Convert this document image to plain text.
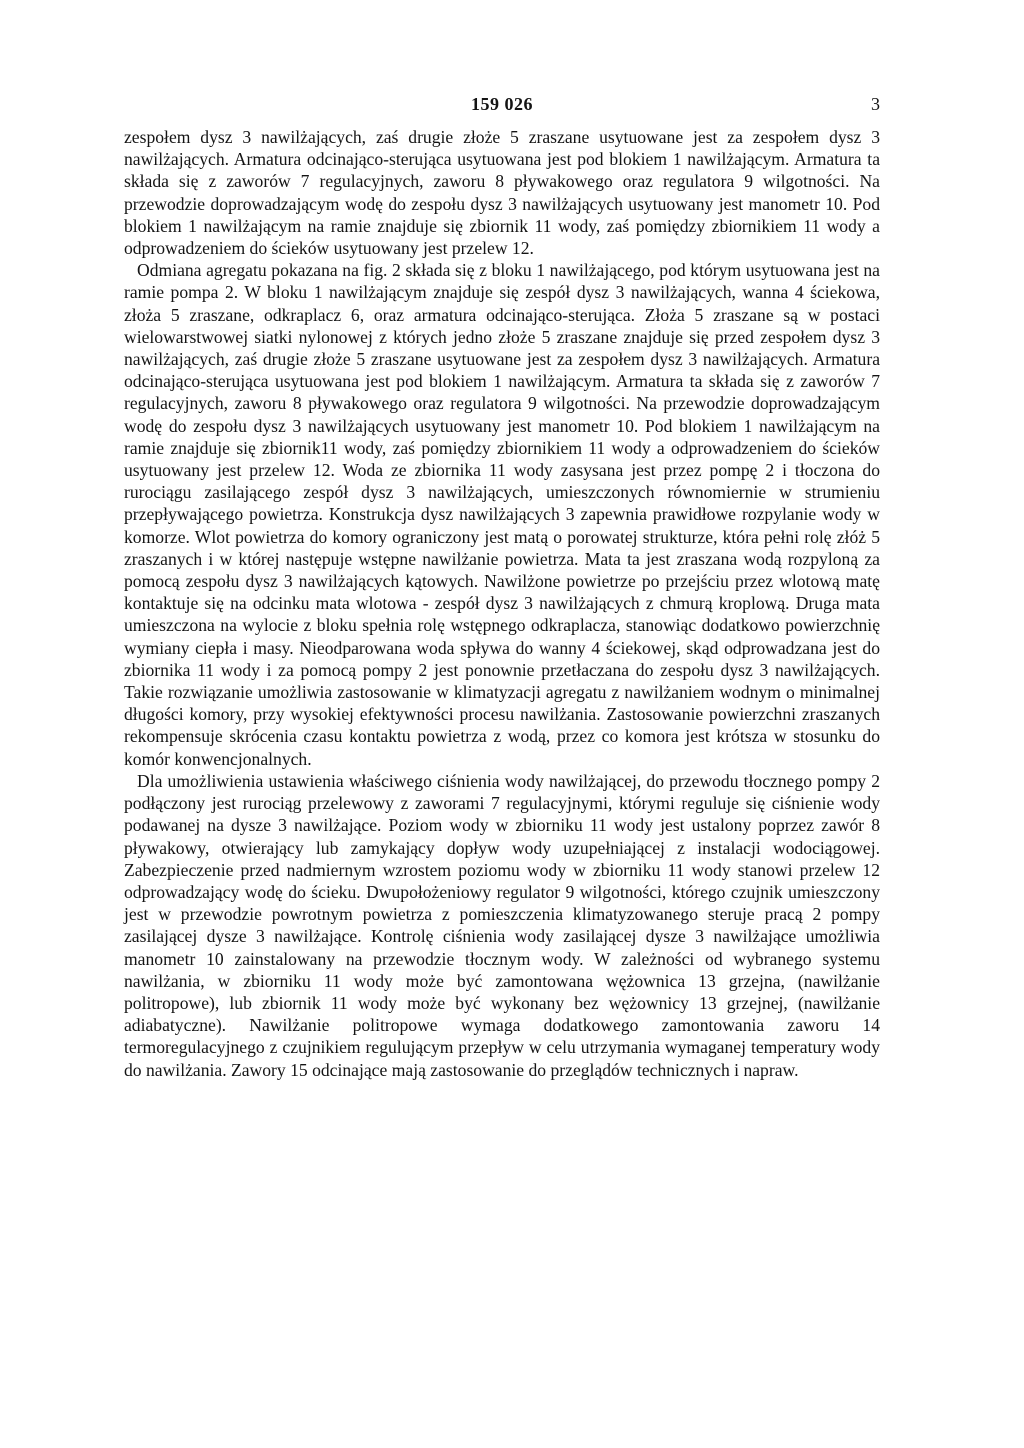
159 026	3

zespołem dysz 3 nawilżających, zaś drugie złoże 5 zraszane usytuowane jest za zespołem dysz 3 nawilżających. Armatura odcinająco-sterująca usytuowana jest pod blokiem 1 nawilżającym. Armatura ta składa się z zaworów 7 regulacyjnych, zaworu 8 pływakowego oraz regulatora 9 wilgotności. Na przewodzie doprowadzającym wodę do zespołu dysz 3 nawilżających usytuowany jest manometr 10. Pod blokiem 1 nawilżającym na ramie znajduje się zbiornik 11 wody, zaś pomiędzy zbiornikiem 11 wody a odprowadzeniem do ścieków usytuowany jest przelew 12.

Odmiana agregatu pokazana na fig. 2 składa się z bloku 1 nawilżającego, pod którym usytuowana jest na ramie pompa 2. W bloku 1 nawilżającym znajduje się zespół dysz 3 nawilżających, wanna 4 ściekowa, złoża 5 zraszane, odkraplacz 6, oraz armatura odcinająco-sterująca. Złoża 5 zraszane są w postaci wielowarstwowej siatki nylonowej z których jedno złoże 5 zraszane znajduje się przed zespołem dysz 3 nawilżających, zaś drugie złoże 5 zraszane usytuowane jest za zespołem dysz 3 nawilżających. Armatura odcinająco-sterująca usytuowana jest pod blokiem 1 nawilżającym. Armatura ta składa się z zaworów 7 regulacyjnych, zaworu 8 pływakowego oraz regulatora 9 wilgotności. Na przewodzie doprowadzającym wodę do zespołu dysz 3 nawilżających usytuowany jest manometr 10. Pod blokiem 1 nawilżającym na ramie znajduje się zbiornik11 wody, zaś pomiędzy zbiornikiem 11 wody a odprowadzeniem do ścieków usytuowany jest przelew 12. Woda ze zbiornika 11 wody zasysana jest przez pompę 2 i tłoczona do rurociągu zasilającego zespół dysz 3 nawilżających, umieszczonych równomiernie w strumieniu przepływającego powietrza. Konstrukcja dysz nawilżających 3 zapewnia prawidłowe rozpylanie wody w komorze. Wlot powietrza do komory ograniczony jest matą o porowatej strukturze, która pełni rolę złóż 5 zraszanych i w której następuje wstępne nawilżanie powietrza. Mata ta jest zraszana wodą rozpyloną za pomocą zespołu dysz 3 nawilżających kątowych. Nawilżone powietrze po przejściu przez wlotową matę kontaktuje się na odcinku mata wlotowa - zespół dysz 3 nawilżających z chmurą kroplową. Druga mata umieszczona na wylocie z bloku spełnia rolę wstępnego odkraplacza, stanowiąc dodatkowo powierzchnię wymiany ciepła i masy. Nieodparowana woda spływa do wanny 4 ściekowej, skąd odprowadzana jest do zbiornika 11 wody i za pomocą pompy 2 jest ponownie przetłaczana do zespołu dysz 3 nawilżających. Takie rozwiązanie umożliwia zastosowanie w klimatyzacji agregatu z nawilżaniem wodnym o minimalnej długości komory, przy wysokiej efektywności procesu nawilżania. Zastosowanie powierzchni zraszanych rekompensuje skrócenia czasu kontaktu powietrza z wodą, przez co komora jest krótsza w stosunku do komór konwencjonalnych.

Dla umożliwienia ustawienia właściwego ciśnienia wody nawilżającej, do przewodu tłocznego pompy 2 podłączony jest rurociąg przelewowy z zaworami 7 regulacyjnymi, którymi reguluje się ciśnienie wody podawanej na dysze 3 nawilżające. Poziom wody w zbiorniku 11 wody jest ustalony poprzez zawór 8 pływakowy, otwierający lub zamykający dopływ wody uzupełniającej z instalacji wodociągowej. Zabezpieczenie przed nadmiernym wzrostem poziomu wody w zbiorniku 11 wody stanowi przelew 12 odprowadzający wodę do ścieku. Dwupołożeniowy regulator 9 wilgotności, którego czujnik umieszczony jest w przewodzie powrotnym powietrza z pomieszczenia klimatyzowanego steruje pracą 2 pompy zasilającej dysze 3 nawilżające. Kontrolę ciśnienia wody zasilającej dysze 3 nawilżające umożliwia manometr 10 zainstalowany na przewodzie tłocznym wody. W zależności od wybranego systemu nawilżania, w zbiorniku 11 wody może być zamontowana wężownica 13 grzejna, (nawilżanie politropowe), lub zbiornik 11 wody może być wykonany bez wężownicy 13 grzejnej, (nawilżanie adiabatyczne). Nawilżanie politropowe wymaga dodatkowego zamontowania zaworu 14 termoregulacyjnego z czujnikiem regulującym przepływ w celu utrzymania wymaganej temperatury wody do nawilżania. Zawory 15 odcinające mają zastosowanie do przeglądów technicznych i napraw.
